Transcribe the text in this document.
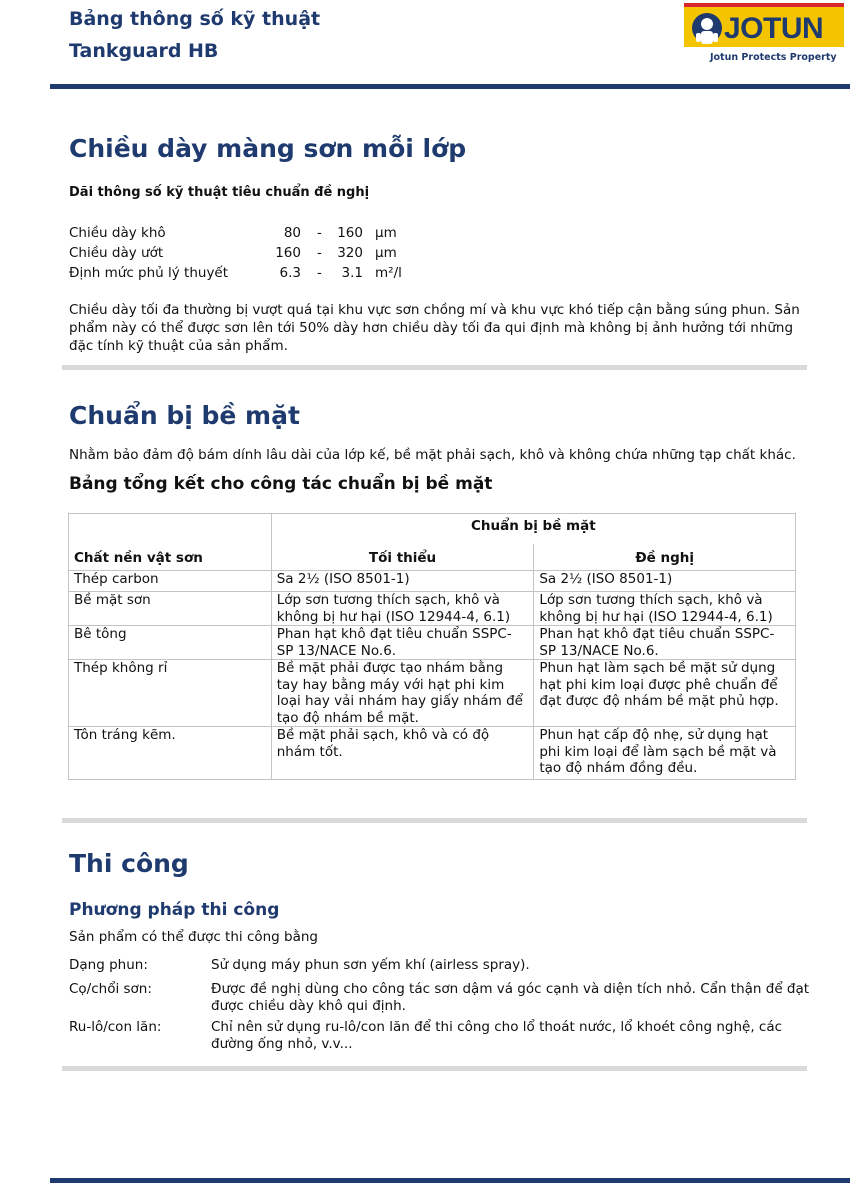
Bảng thông số kỹ thuật
Tankguard HB
JOTUN
Jotun Protects Property
Chiều dày màng sơn mỗi lớp

Dãi thông số kỹ thuật tiêu chuẩn đề nghị

Chiều dày khô	80 -	160 µm
Chiều dày ướt	160 -	320 µm
Định mức phủ lý thuyết	6.3 -	3.1 m²/l

Chiều dày tối đa thường bị vượt quá tại khu vực sơn chồng mí và khu vực khó tiếp cận bằng súng phun. Sản phẩm này có thể được sơn lên tới 50% dày hơn chiều dày tối đa qui định mà không bị ảnh hưởng tới những đặc tính kỹ thuật của sản phẩm.

Chuẩn bị bề mặt

Nhằm bảo đảm độ bám dính lâu dài của lớp kế, bề mặt phải sạch, khô và không chứa những tạp chất khác.

Bảng tổng kết cho công tác chuẩn bị bề mặt
Chất nền vật sơn	Chuẩn bị bề mặt	
	Tối thiểu	Đề nghị
Thép carbon	Sa 2½ (ISO 8501-1)	Sa 2½ (ISO 8501-1)
Bề mặt sơn	Lớp sơn tương thích sạch, khô và không bị hư hại (ISO 12944-4, 6.1)	Lớp sơn tương thích sạch, khô và không bị hư hại (ISO 12944-4, 6.1)
Bê tông	Phan hạt khô đạt tiêu chuẩn SSPC-SP 13/NACE No.6.	Phan hạt khô đạt tiêu chuẩn SSPC-SP 13/NACE No.6.
Thép không rỉ	Bề mặt phải được tạo nhám bằng tay hay bằng máy với hạt phi kim loại hay vải nhám hay giấy nhám để tạo độ nhám bề mặt.	Phun hạt làm sạch bề mặt sử dụng hạt phi kim loại được phê chuẩn để đạt được độ nhám bề mặt phủ hợp.
Tôn tráng kẽm.	Bề mặt phải sạch, khô và có độ nhám tốt.	Phun hạt cấp độ nhẹ, sử dụng hạt phi kim loại để làm sạch bề mặt và tạo độ nhám đồng đều.
Thi công
Phương pháp thi công

Sản phẩm có thể được thi công bằng

Dạng phun:	Sử dụng máy phun sơn yếm khí (airless spray).
Cọ/chổi sơn:	Được đề nghị dùng cho công tác sơn dậm vá góc cạnh và diện tích nhỏ. Cẩn thận để đạt được chiều dày khô qui định.
Ru-lô/con lăn:	Chỉ nên sử dụng ru-lô/con lăn để thi công cho lổ thoát nước, lổ khoét công nghệ, các đường ống nhỏ, v.v...
